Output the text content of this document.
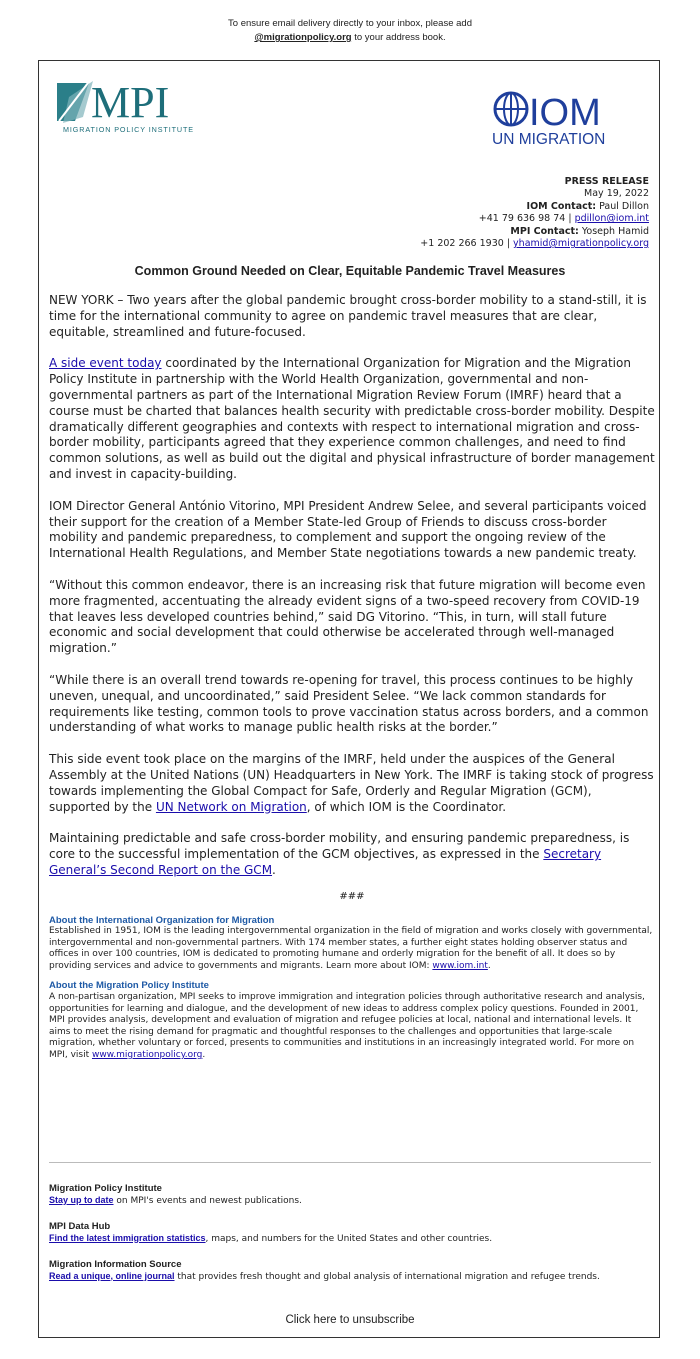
To ensure email delivery directly to your inbox, please add
@migrationpolicy.org to your address book.
MPI
MIGRATION POLICY INSTITUTE	IOM
UN MIGRATION
PRESS RELEASE
May 19, 2022
IOM Contact: Paul Dillon
+41 79 636 98 74 | pdillon@iom.int
MPI Contact: Yoseph Hamid
+1 202 266 1930 | yhamid@migrationpolicy.org
Common Ground Needed on Clear, Equitable Pandemic Travel Measures

NEW YORK – Two years after the global pandemic brought cross-border mobility to a stand-still, it is time for the international community to agree on pandemic travel measures that are clear, equitable, streamlined and future-focused.

A side event today coordinated by the International Organization for Migration and the Migration Policy Institute in partnership with the World Health Organization, governmental and non-governmental partners as part of the International Migration Review Forum (IMRF) heard that a course must be charted that balances health security with predictable cross-border mobility. Despite dramatically different geographies and contexts with respect to international migration and cross-border mobility, participants agreed that they experience common challenges, and need to find common solutions, as well as build out the digital and physical infrastructure of border management and invest in capacity-building.

IOM Director General António Vitorino, MPI President Andrew Selee, and several participants voiced their support for the creation of a Member State-led Group of Friends to discuss cross-border mobility and pandemic preparedness, to complement and support the ongoing review of the International Health Regulations, and Member State negotiations towards a new pandemic treaty.

“Without this common endeavor, there is an increasing risk that future migration will become even more fragmented, accentuating the already evident signs of a two-speed recovery from COVID-19 that leaves less developed countries behind,” said DG Vitorino. “This, in turn, will stall future economic and social development that could otherwise be accelerated through well-managed migration.”

“While there is an overall trend towards re-opening for travel, this process continues to be highly uneven, unequal, and uncoordinated,” said President Selee. “We lack common standards for requirements like testing, common tools to prove vaccination status across borders, and a common understanding of what works to manage public health risks at the border.”

This side event took place on the margins of the IMRF, held under the auspices of the General Assembly at the United Nations (UN) Headquarters in New York. The IMRF is taking stock of progress towards implementing the Global Compact for Safe, Orderly and Regular Migration (GCM), supported by the UN Network on Migration, of which IOM is the Coordinator.

Maintaining predictable and safe cross-border mobility, and ensuring pandemic preparedness, is core to the successful implementation of the GCM objectives, as expressed in the Secretary General’s Second Report on the GCM.

###

About the International Organization for Migration
Established in 1951, IOM is the leading intergovernmental organization in the field of migration and works closely with governmental, intergovernmental and non-governmental partners. With 174 member states, a further eight states holding observer status and offices in over 100 countries, IOM is dedicated to promoting humane and orderly migration for the benefit of all. It does so by providing services and advice to governments and migrants. Learn more about IOM: www.iom.int.

About the Migration Policy Institute
A non-partisan organization, MPI seeks to improve immigration and integration policies through authoritative research and analysis, opportunities for learning and dialogue, and the development of new ideas to address complex policy questions. Founded in 2001, MPI provides analysis, development and evaluation of migration and refugee policies at local, national and international levels. It aims to meet the rising demand for pragmatic and thoughtful responses to the challenges and opportunities that large-scale migration, whether voluntary or forced, presents to communities and institutions in an increasingly integrated world. For more on MPI, visit www.migrationpolicy.org.

Migration Policy Institute
Stay up to date on MPI's events and newest publications.
MPI Data Hub
Find the latest immigration statistics, maps, and numbers for the United States and other countries.
Migration Information Source
Read a unique, online journal that provides fresh thought and global analysis of international migration and refugee trends.
Click here to unsubscribe
